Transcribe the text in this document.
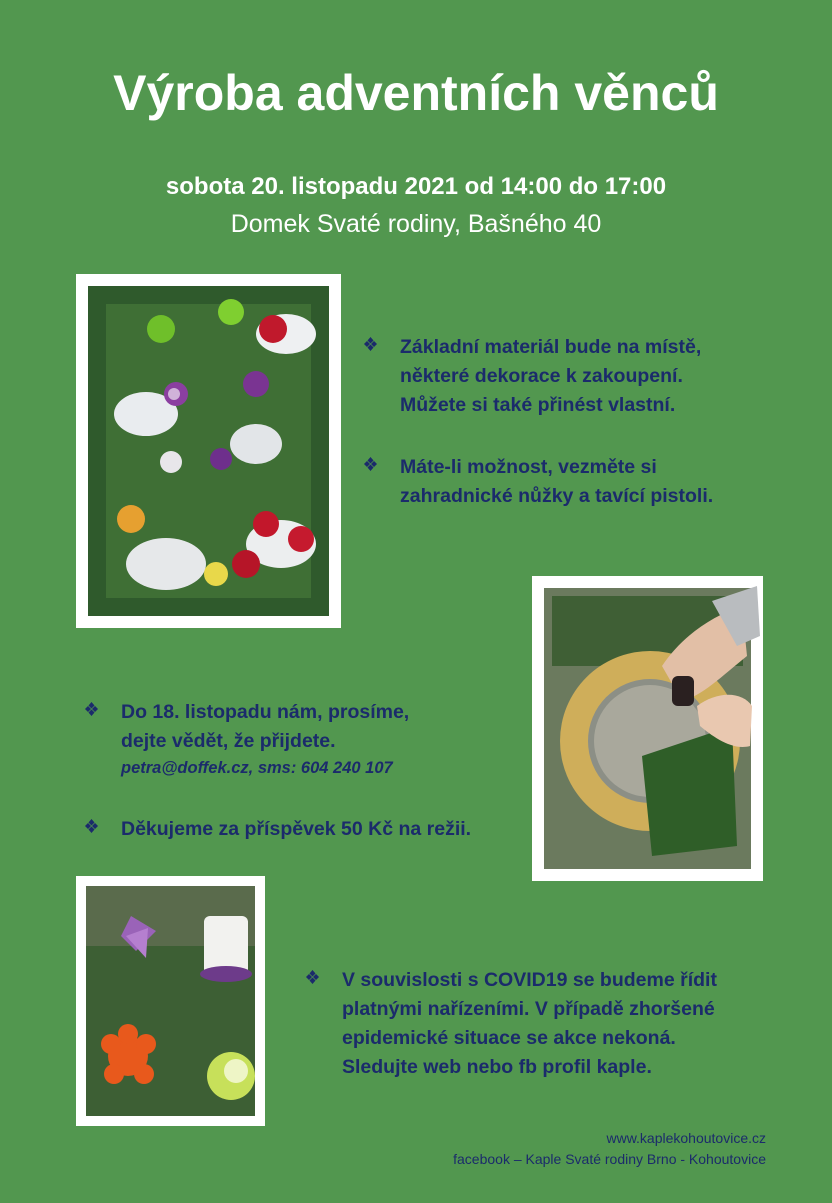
Výroba adventních věnců
sobota 20. listopadu 2021 od 14:00 do 17:00
Domek Svaté rodiny, Bašného 40
Základní materiál bude na místě,
některé dekorace k zakoupení.
Můžete si také přinést vlastní.
Máte-li možnost, vezměte si
zahradnické nůžky a tavící pistoli.
Do 18. listopadu nám, prosíme,
dejte vědět, že přijdete.
petra@doffek.cz, sms: 604 240 107
Děkujeme za příspěvek 50 Kč na režii.
V souvislosti s COVID19 se budeme řídit
platnými nařízeními. V případě zhoršené
epidemické situace se akce nekoná.
Sledujte web nebo fb profil kaple.
www.kaplekohoutovice.cz
facebook – Kaple Svaté rodiny Brno - Kohoutovice
